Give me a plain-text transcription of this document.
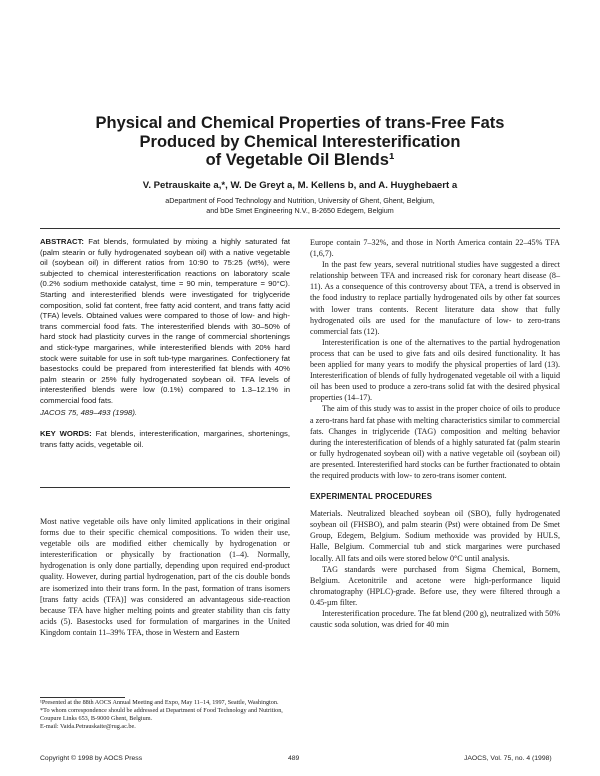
Physical and Chemical Properties of trans-Free Fats
Produced by Chemical Interesterification
of Vegetable Oil Blends¹
V. Petrauskaite a,*, W. De Greyt a, M. Kellens b, and A. Huyghebaert a
aDepartment of Food Technology and Nutrition, University of Ghent, Ghent, Belgium,
and bDe Smet Engineering N.V., B-2650 Edegem, Belgium

ABSTRACT: Fat blends, formulated by mixing a highly saturated fat (palm stearin or fully hydrogenated soybean oil) with a native vegetable oil (soybean oil) in different ratios from 10:90 to 75:25 (wt%), were subjected to chemical interesterification reactions on laboratory scale (0.2% sodium methoxide catalyst, time = 90 min, temperature = 90°C). Starting and interesterified blends were investigated for triglyceride composition, solid fat content, free fatty acid content, and trans fatty acid (TFA) levels. Obtained values were compared to those of low- and high-trans commercial food fats. The interesterified blends with 30–50% of hard stock had plasticity curves in the range of commercial shortenings and stick-type margarines, while interesterified blends with 20% hard stock were suitable for use in soft tub-type margarines. Confectionery fat basestocks could be prepared from interesterified fat blends with 40% palm stearin or 25% fully hydrogenated soybean oil. TFA levels of interesterified blends were low (0.1%) compared to 1.3–12.1% in commercial food fats.

JACOS 75, 489–493 (1998).

KEY WORDS: Fat blends, interesterification, margarines, shortenings, trans fatty acids, vegetable oil.

Most native vegetable oils have only limited applications in their original forms due to their specific chemical compositions. To widen their use, vegetable oils are modified either chemically by hydrogenation or interesterification or physically by fractionation (1–4). Normally, hydrogenation is only done partially, depending upon required end-product quality. However, during partial hydrogenation, part of the cis double bonds are isomerized into their trans form. In the past, formation of trans isomers [trans fatty acids (TFA)] was considered an advantageous side-reaction because TFA have higher melting points and greater stability than cis fatty acids (5). Basestocks used for formulation of margarines in the United Kingdom contain 11–39% TFA, those in Western and Eastern

¹Presented at the 88th AOCS Annual Meeting and Expo, May 11–14, 1997, Seattle, Washington.
*To whom correspondence should be addressed at Department of Food Technology and Nutrition, Coupure Links 653, B-9000 Ghent, Belgium.
E-mail: Vaida.Petrauskaite@rug.ac.be.

Europe contain 7–32%, and those in North America contain 22–45% TFA (1,6,7).

In the past few years, several nutritional studies have suggested a direct relationship between TFA and increased risk for coronary heart disease (8–11). As a consequence of this controversy about TFA, a trend is observed in the food industry to replace partially hydrogenated oils by other fat sources with lower trans contents. Recent literature data show that fully hydrogenated oils are used for the manufacture of low- to zero-trans commercial fats (12).

Interesterification is one of the alternatives to the partial hydrogenation process that can be used to give fats and oils desired functionality. It has been applied for many years to modify the physical properties of lard (13). Interesterification of blends of fully hydrogenated vegetable oil with a liquid oil has been used to produce a zero-trans solid fat with the desired physical properties (14–17).

The aim of this study was to assist in the proper choice of oils to produce a zero-trans hard fat phase with melting characteristics similar to commercial fats. Changes in triglyceride (TAG) composition and melting behavior during the interesterification of blends of a highly saturated fat (palm stearin or fully hydrogenated soybean oil) with a native vegetable oil (soybean oil) are presented. Interesterified hard stocks can be further fractionated to obtain the required products with low- to zero-trans isomer content.

EXPERIMENTAL PROCEDURES

Materials. Neutralized bleached soybean oil (SBO), fully hydrogenated soybean oil (FHSBO), and palm stearin (Pst) were obtained from De Smet Group, Edegem, Belgium. Sodium methoxide was provided by HULS, Halle, Belgium. Commercial tub and stick margarines were purchased locally. All fats and oils were stored below 0°C until analysis.

TAG standards were purchased from Sigma Chemical, Bornem, Belgium. Acetonitrile and acetone were high-performance liquid chromatography (HPLC)-grade. Before use, they were filtered through a 0.45-µm filter.

Interesterification procedure. The fat blend (200 g), neutralized with 50% caustic soda solution, was dried for 40 min

Copyright © 1998 by AOCS Press	489	JAOCS, Vol. 75, no. 4 (1998)
